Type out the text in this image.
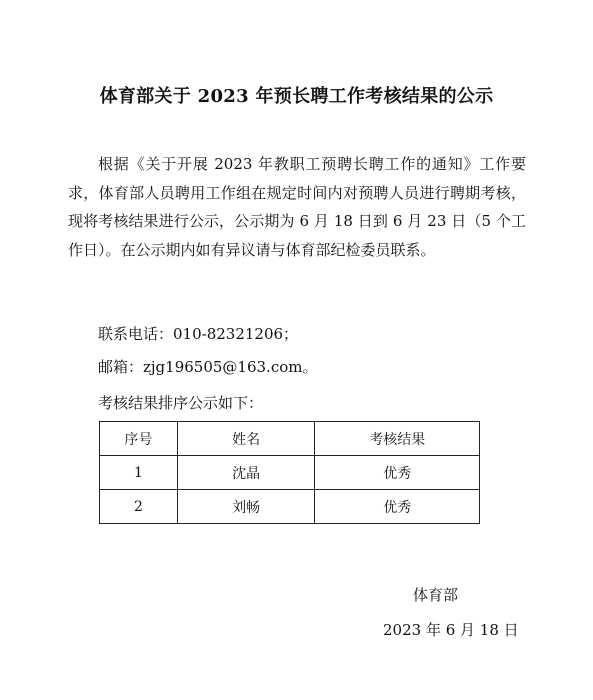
体育部关于 2023 年预长聘工作考核结果的公示
根据《关于开展 2023 年教职工预聘长聘工作的通知》工作要求，体育部人员聘用工作组在规定时间内对预聘人员进行聘期考核，现将考核结果进行公示，公示期为 6 月 18 日到 6 月 23 日（5 个工作日）。在公示期内如有异议请与体育部纪检委员联系。
联系电话：010-82321206；
邮箱：zjg196505@163.com。
考核结果排序公示如下：
序号	姓名	考核结果
1	沈晶	优秀
2	刘畅	优秀
体育部
2023 年 6 月 18 日
